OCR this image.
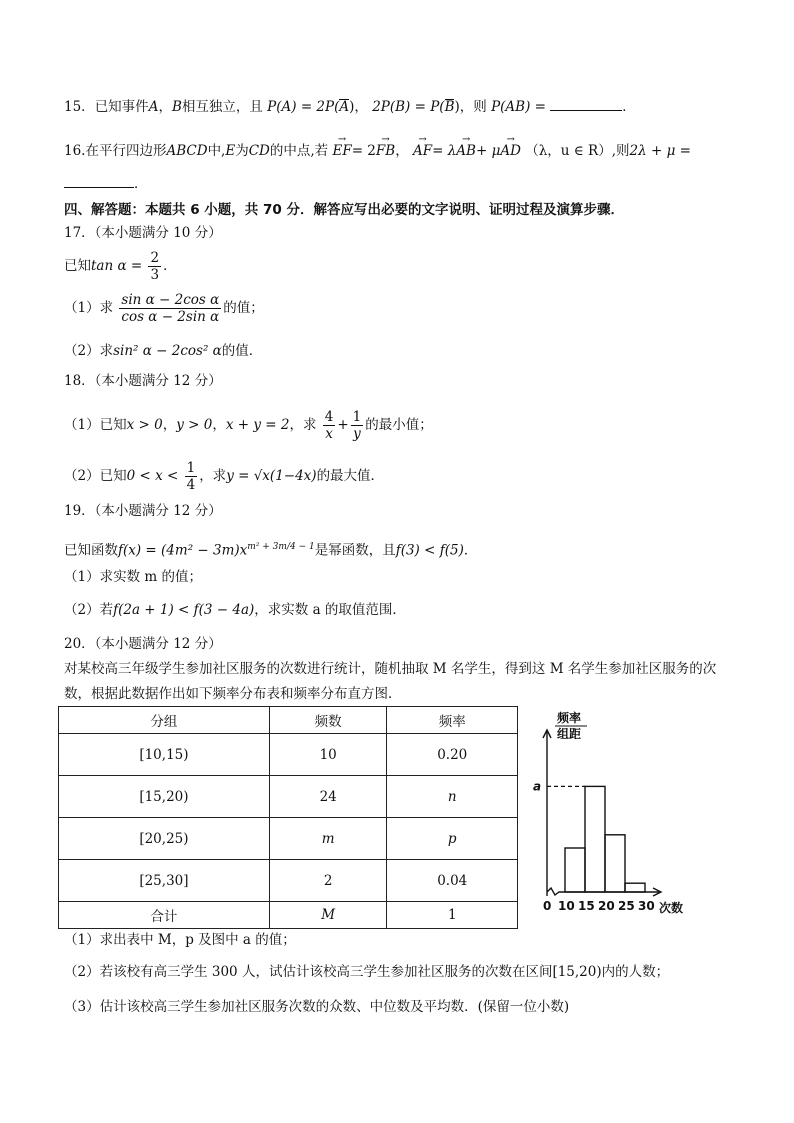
15．已知事件A，B相互独立，且 P(A) = 2P(A)， 2P(B) = P(B)，则 P(AB) =	．
16.在平行四边形ABCD中,E为CD的中点,若 → EF= 2→ FB， → AF= λ→ AB+ μ→ AD （λ，u ∈ R）,则2λ + μ =
．
四、解答题：本题共 6 小题，共 70 分．解答应写出必要的文字说明、证明过程及演算步骤．
17．（本小题满分 10 分）
已知$\tan \alpha = \frac{2}{3}$ ．
（1）求 $\frac{\text{sin α − 2cos α}}{\text{cos α − 2sin α}}$ 的值；
（2）求sin² α − 2cos² α的值．
18．（本小题满分 12 分）
（1）已知x > 0，y > 0，x + y = 2，求 $\frac{4}{x} + \frac{1}{y}$ 的最小值；
（2）已知$0 < x < \frac{1}{4}$ ，求y = √x(1−4x)的最大值．
19．（本小题满分 12 分）
已知函数$f(x) = (4m^2 - 3m)x^{m^2 + 3m/4 - 1}$是幂函数，且f(3) < f(5)．
（1）求实数 m 的值；
（2）若f(2a + 1) < f(3 − 4a)，求实数 a 的取值范围．
20．（本小题满分 12 分）
对某校高三年级学生参加社区服务的次数进行统计，随机抽取 M 名学生，得到这 M 名学生参加社区服务的次
数，根据此数据作出如下频率分布表和频率分布直方图．
分组	频数	频率
[10,15)	10	0.20
[15,20)	24	n
[20,25)	m	p
[25,30]	2	0.04
合计	M	1
频率
组距
a
0 10 15 20 25 30 次数
（1）求出表中 M，p 及图中 a 的值；
（2）若该校有高三学生 300 人，试估计该校高三学生参加社区服务的次数在区间[15,20)内的人数；
（3）估计该校高三学生参加社区服务次数的众数、中位数及平均数．(保留一位小数)
